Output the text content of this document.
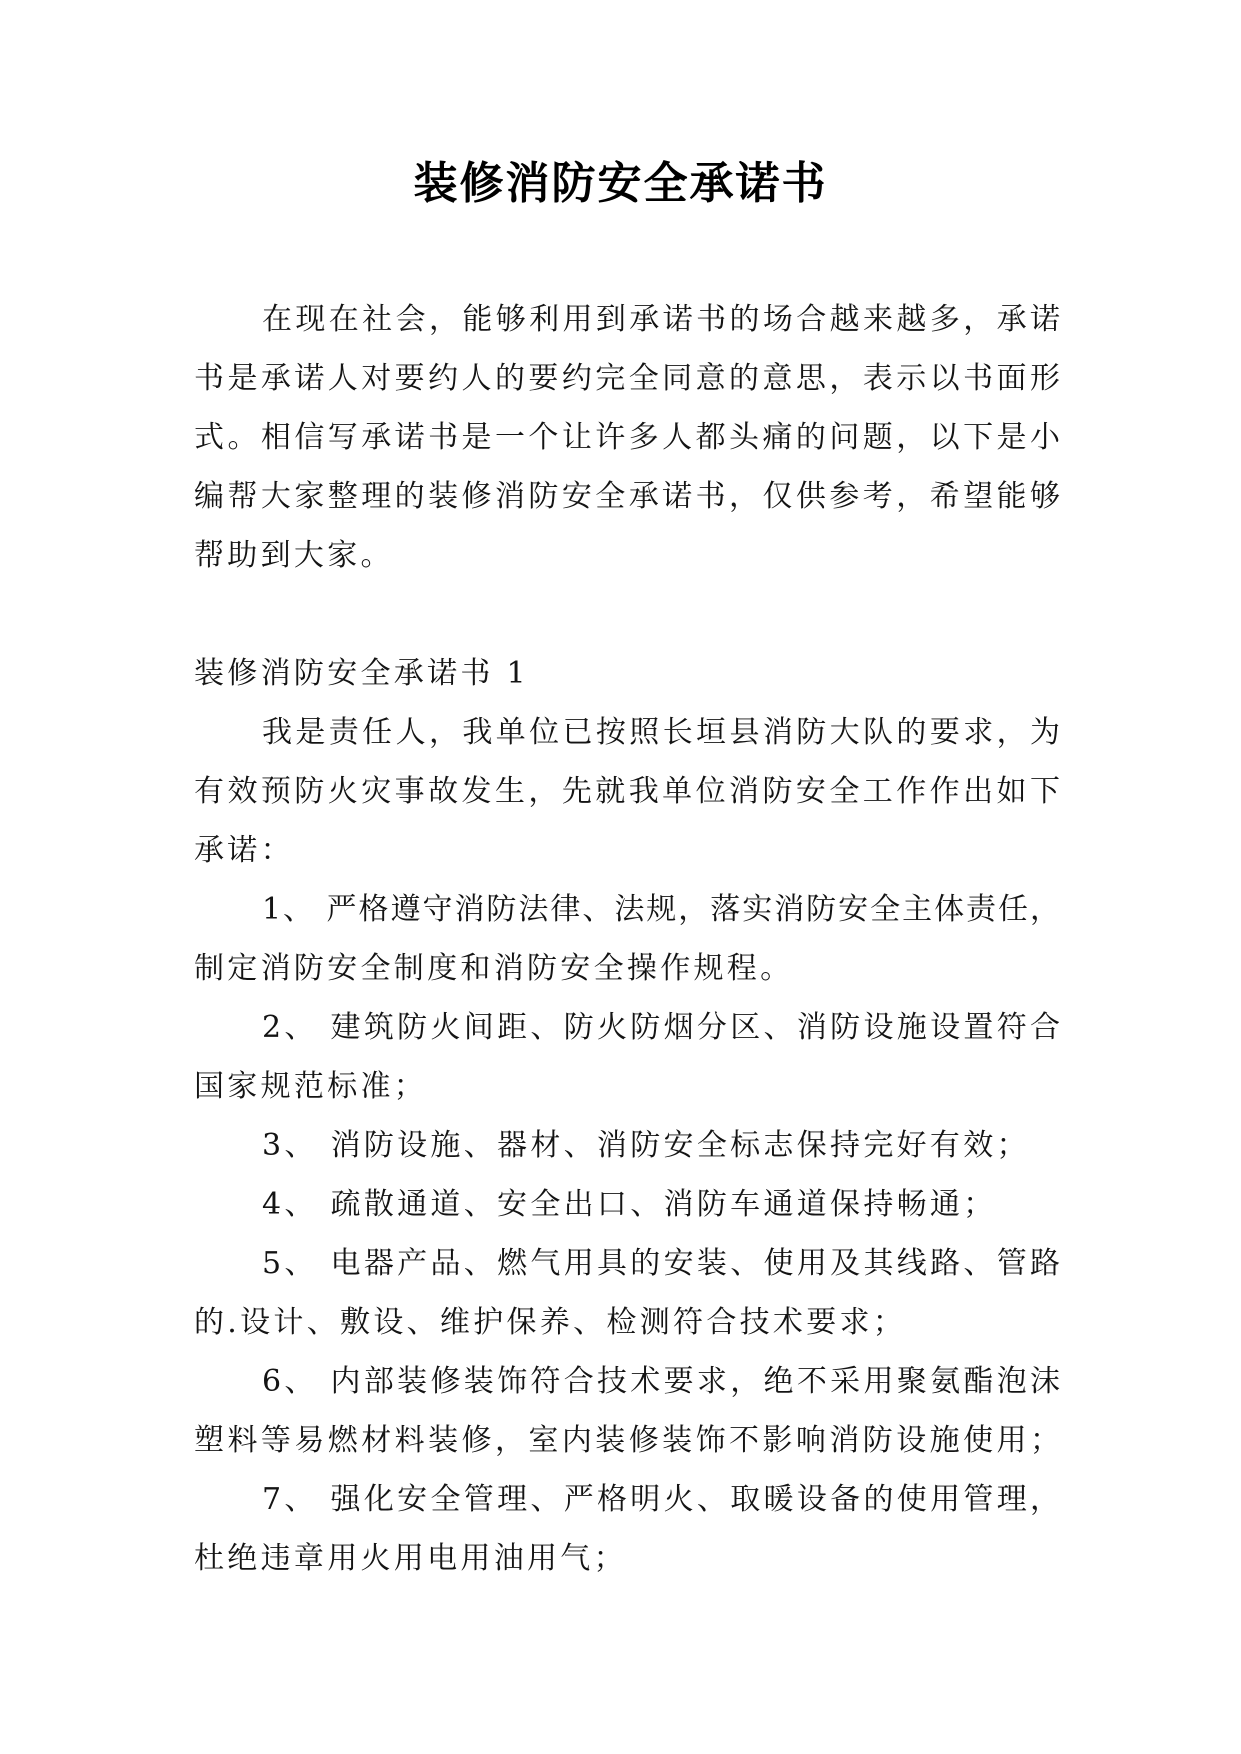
装修消防安全承诺书
在现在社会，能够利用到承诺书的场合越来越多，承诺
书是承诺人对要约人的要约完全同意的意思，表示以书面形
式。相信写承诺书是一个让许多人都头痛的问题，以下是小
编帮大家整理的装修消防安全承诺书，仅供参考，希望能够
帮助到大家。
装修消防安全承诺书 1
我是责任人，我单位已按照长垣县消防大队的要求，为
有效预防火灾事故发生，先就我单位消防安全工作作出如下
承诺：
1、 严格遵守消防法律、法规，落实消防安全主体责任，
制定消防安全制度和消防安全操作规程。
2、 建筑防火间距、防火防烟分区、消防设施设置符合
国家规范标准；
3、 消防设施、器材、消防安全标志保持完好有效；
4、 疏散通道、安全出口、消防车通道保持畅通；
5、 电器产品、燃气用具的安装、使用及其线路、管路
的.设计、敷设、维护保养、检测符合技术要求；
6、 内部装修装饰符合技术要求，绝不采用聚氨酯泡沫
塑料等易燃材料装修，室内装修装饰不影响消防设施使用；
7、 强化安全管理、严格明火、取暖设备的使用管理，
杜绝违章用火用电用油用气；
